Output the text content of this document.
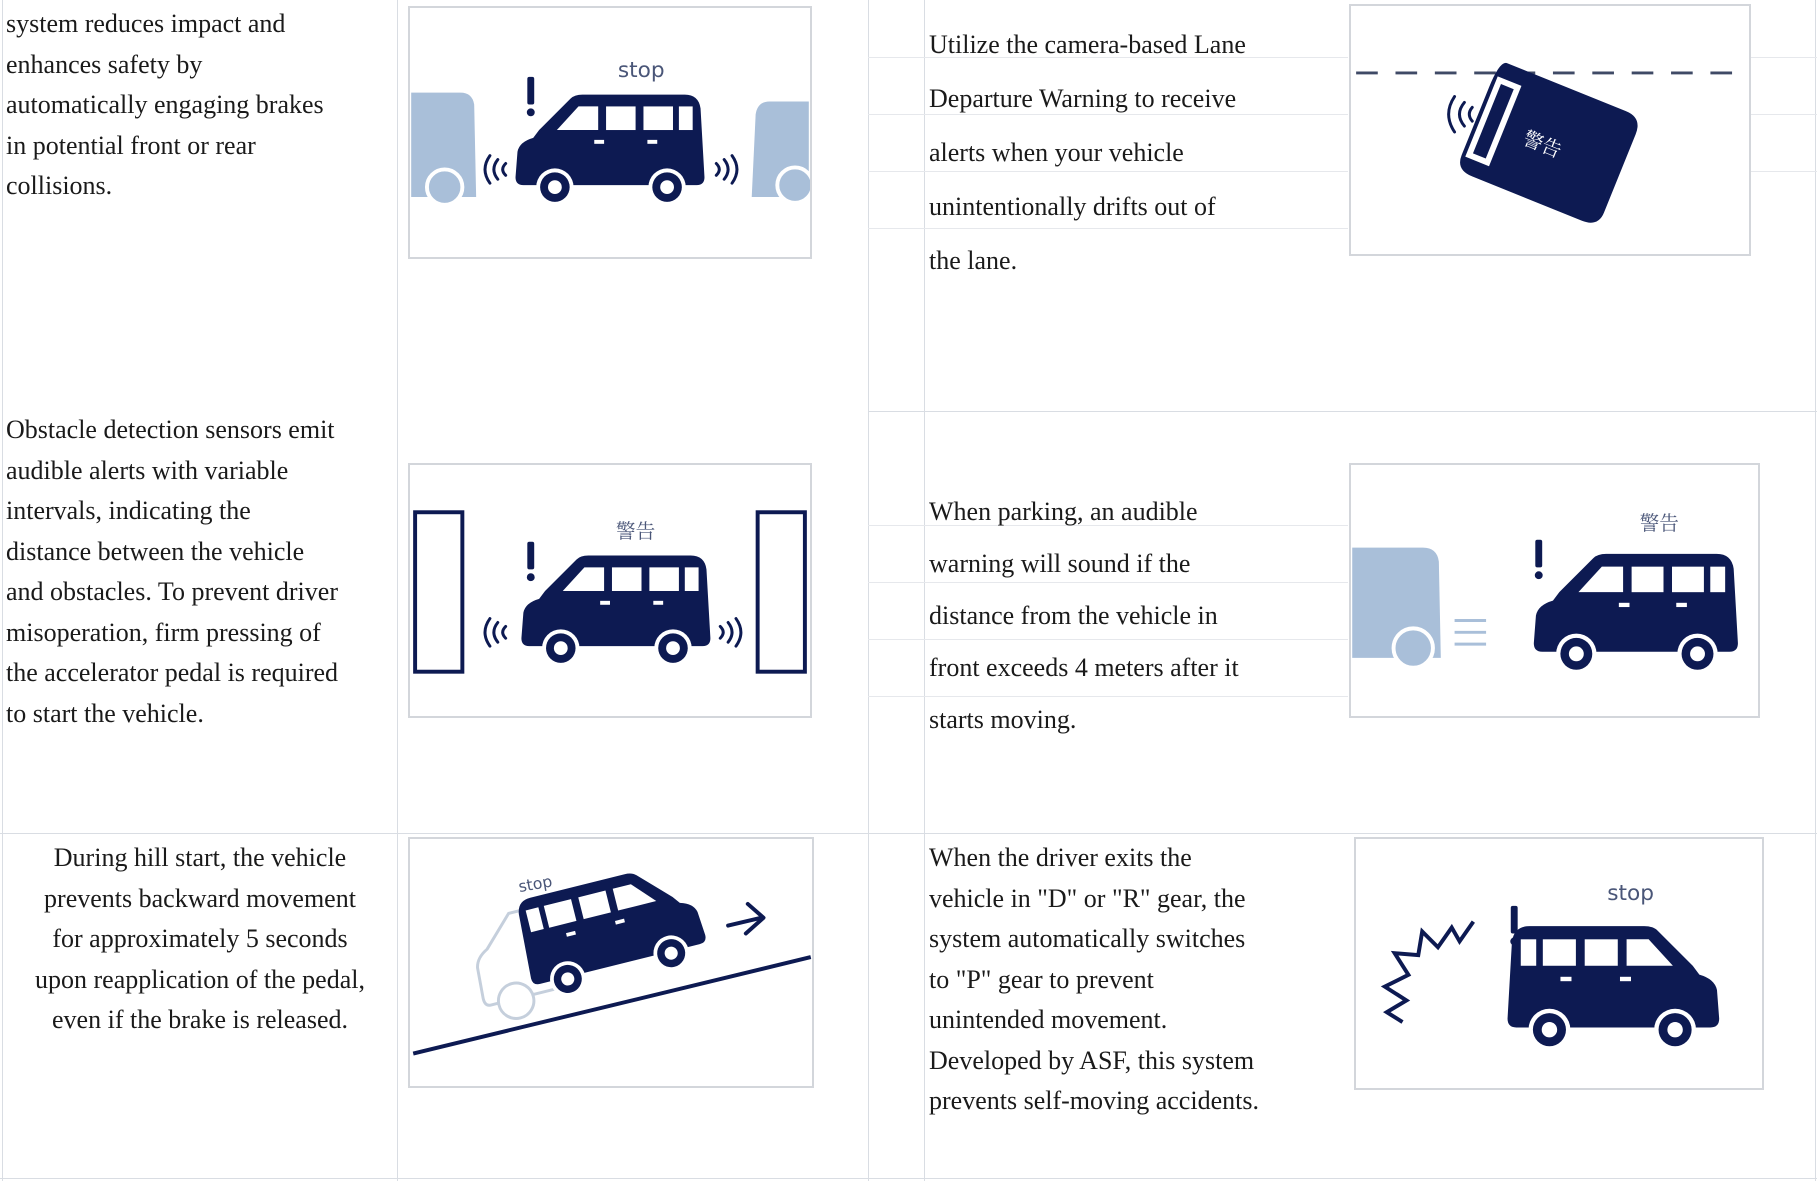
system reduces impact and
enhances safety by
automatically engaging brakes
in potential front or rear
collisions.
Utilize the camera-based Lane
Departure Warning to receive
alerts when your vehicle
unintentionally drifts out of
the lane.
Obstacle detection sensors emit
audible alerts with variable
intervals, indicating the
distance between the vehicle
and obstacles. To prevent driver
misoperation, firm pressing of
the accelerator pedal is required
to start the vehicle.
When parking, an audible
warning will sound if the
distance from the vehicle in
front exceeds 4 meters after it
starts moving.
During hill start, the vehicle
prevents backward movement
for approximately 5 seconds
upon reapplication of the pedal,
even if the brake is released.
When the driver exits the
vehicle in "D" or "R" gear, the
system automatically switches
to "P" gear to prevent
unintended movement.
Developed by ASF, this system
prevents self-moving accidents.
stop
警告
警告	警告
stop	stop
